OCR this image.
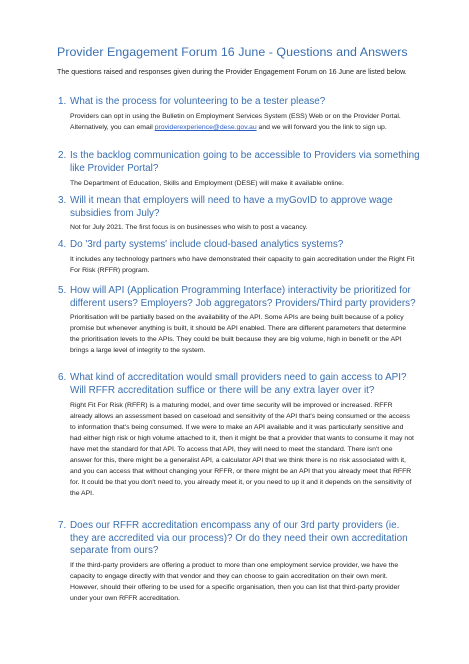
Provider Engagement Forum 16 June - Questions and Answers
The questions raised and responses given during the Provider Engagement Forum on 16 June are listed below.
1. What is the process for volunteering to be a tester please?
Providers can opt in using the Bulletin on Employment Services System (ESS) Web or on the Provider Portal. Alternatively, you can email providerexperience@dese.gov.au and we will forward you the link to sign up.
2. Is the backlog communication going to be accessible to Providers via something like Provider Portal?
The Department of Education, Skills and Employment (DESE) will make it available online.
3. Will it mean that employers will need to have a myGovID to approve wage subsidies from July?
Not for July 2021. The first focus is on businesses who wish to post a vacancy.
4. Do '3rd party systems' include cloud-based analytics systems?
It includes any technology partners who have demonstrated their capacity to gain accreditation under the Right Fit For Risk (RFFR) program.
5. How will API (Application Programming Interface) interactivity be prioritized for different users? Employers? Job aggregators? Providers/Third party providers?
Prioritisation will be partially based on the availability of the API. Some APIs are being built because of a policy promise but whenever anything is built, it should be API enabled. There are different parameters that determine the prioritisation levels to the APIs. They could be built because they are big volume, high in benefit or the API brings a large level of integrity to the system.
6. What kind of accreditation would small providers need to gain access to API? Will RFFR accreditation suffice or there will be any extra layer over it?
Right Fit For Risk (RFFR) is a maturing model, and over time security will be improved or increased. RFFR already allows an assessment based on caseload and sensitivity of the API that's being consumed or the access to information that's being consumed. If we were to make an API available and it was particularly sensitive and had either high risk or high volume attached to it, then it might be that a provider that wants to consume it may not have met the standard for that API. To access that API, they will need to meet the standard. There isn't one answer for this, there might be a generalist API, a calculator API that we think there is no risk associated with it, and you can access that without changing your RFFR, or there might be an API that you already meet that RFFR for. It could be that you don't need to, you already meet it, or you need to up it and it depends on the sensitivity of the API.
7. Does our RFFR accreditation encompass any of our 3rd party providers (ie. they are accredited via our process)? Or do they need their own accreditation separate from ours?
If the third-party providers are offering a product to more than one employment service provider, we have the capacity to engage directly with that vendor and they can choose to gain accreditation on their own merit. However, should their offering to be used for a specific organisation, then you can list that third-party provider under your own RFFR accreditation.
